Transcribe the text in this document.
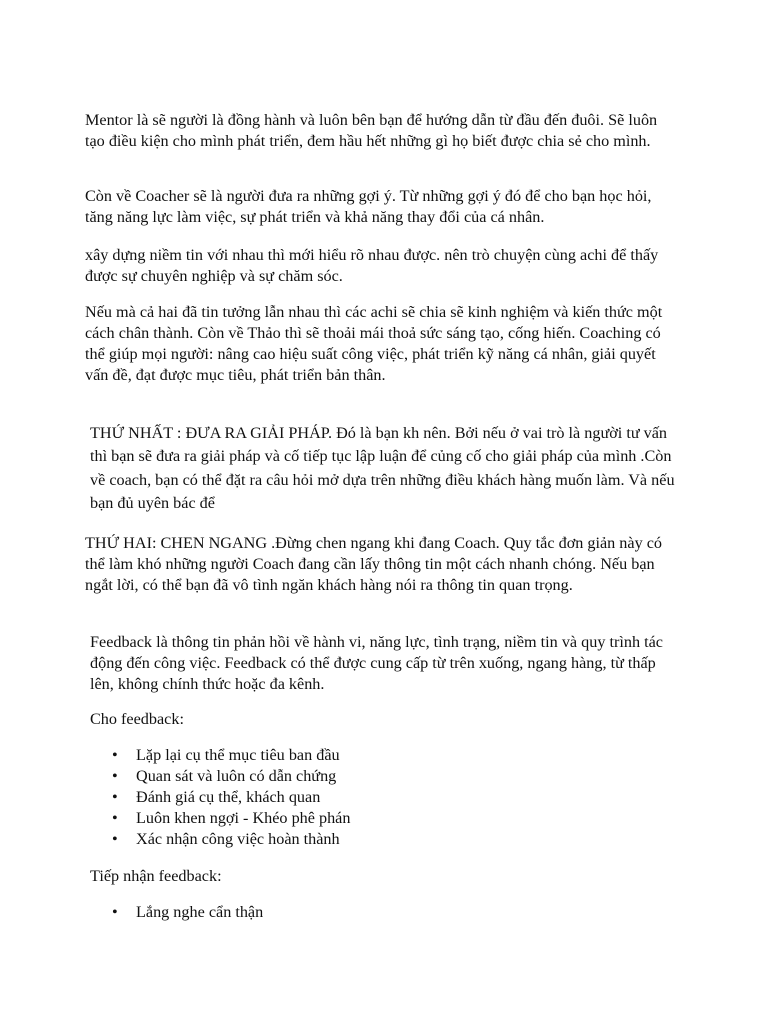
Mentor là sẽ người là đồng hành và luôn bên bạn để hướng dẫn từ đầu đến đuôi. Sẽ luôn tạo điều kiện cho mình phát triển, đem hầu hết những gì họ biết được chia sẻ cho mình.

Còn về Coacher sẽ là người đưa ra những gợi ý. Từ những gợi ý đó để cho bạn học hỏi, tăng năng lực làm việc, sự phát triển và khả năng thay đổi của cá nhân.

xây dựng niềm tin với nhau thì mới hiểu rõ nhau được. nên trò chuyện cùng achi để thấy được sự chuyên nghiệp và sự chăm sóc.

Nếu mà cả hai đã tin tưởng lẫn nhau thì các achi sẽ chia sẽ kinh nghiệm và kiến thức một cách chân thành. Còn về Thảo thì sẽ thoải mái thoả sức sáng tạo, cống hiến. Coaching có thể giúp mọi người: nâng cao hiệu suất công việc, phát triển kỹ năng cá nhân, giải quyết vấn đề, đạt được mục tiêu, phát triển bản thân.

THỨ NHẤT : ĐƯA RA GIẢI PHÁP. Đó là bạn kh nên. Bởi nếu ở vai trò là người tư vấn thì bạn sẽ đưa ra giải pháp và cố tiếp tục lập luận để củng cố cho giải pháp của mình .Còn về coach, bạn có thể đặt ra câu hỏi mở dựa trên những điều khách hàng muốn làm. Và nếu bạn đủ uyên bác để

THỨ HAI: CHEN NGANG .Đừng chen ngang khi đang Coach. Quy tắc đơn giản này có thể làm khó những người Coach đang cần lấy thông tin một cách nhanh chóng. Nếu bạn ngắt lời, có thể bạn đã vô tình ngăn khách hàng nói ra thông tin quan trọng.

Feedback là thông tin phản hồi về hành vi, năng lực, tình trạng, niềm tin và quy trình tác động đến công việc. Feedback có thể được cung cấp từ trên xuống, ngang hàng, từ thấp lên, không chính thức hoặc đa kênh.

Cho feedback:

•	Lặp lại cụ thể mục tiêu ban đầu
•	Quan sát và luôn có dẫn chứng
•	Đánh giá cụ thể, khách quan
•	Luôn khen ngợi - Khéo phê phán
•	Xác nhận công việc hoàn thành

Tiếp nhận feedback:

•	Lắng nghe cẩn thận
